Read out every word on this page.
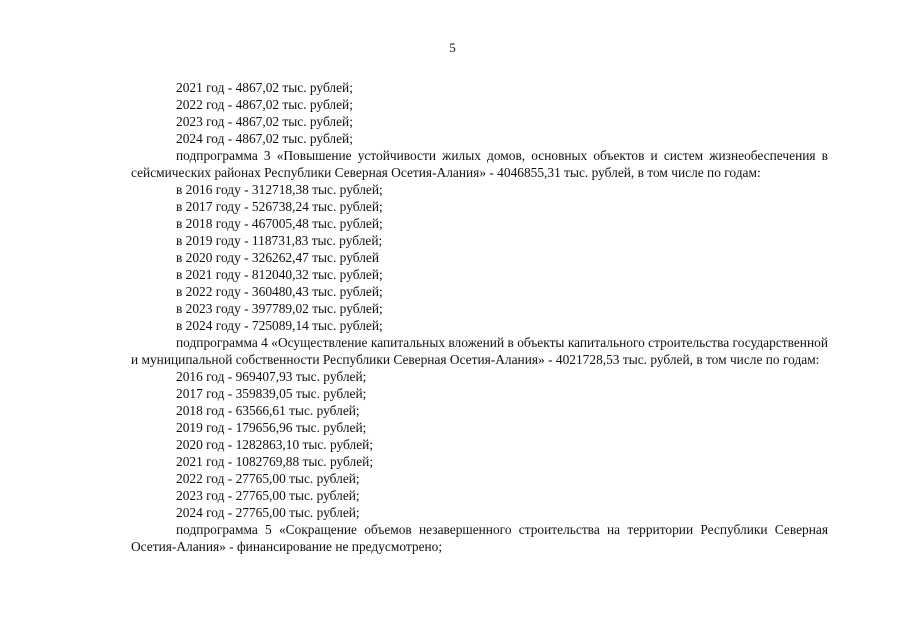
5
2021 год - 4867,02 тыс. рублей;
2022 год - 4867,02 тыс. рублей;
2023 год - 4867,02 тыс. рублей;
2024 год - 4867,02 тыс. рублей;

подпрограмма 3 «Повышение устойчивости жилых домов, основных объектов и систем жизнеобеспечения в сейсмических районах Республики Северная Осетия-Алания» - 4046855,31 тыс. рублей, в том числе по годам:

в 2016 году - 312718,38 тыс. рублей;
в 2017 году - 526738,24 тыс. рублей;
в 2018 году - 467005,48 тыс. рублей;
в 2019 году - 118731,83 тыс. рублей;
в 2020 году - 326262,47 тыс. рублей
в 2021 году - 812040,32 тыс. рублей;
в 2022 году - 360480,43 тыс. рублей;
в 2023 году - 397789,02 тыс. рублей;
в 2024 году - 725089,14 тыс. рублей;

подпрограмма 4 «Осуществление капитальных вложений в объекты капитального строительства государственной и муниципальной собственности Республики Северная Осетия-Алания» - 4021728,53 тыс. рублей, в том числе по годам:

2016 год - 969407,93 тыс. рублей;
2017 год - 359839,05 тыс. рублей;
2018 год - 63566,61 тыс. рублей;
2019 год - 179656,96 тыс. рублей;
2020 год - 1282863,10 тыс. рублей;
2021 год - 1082769,88 тыс. рублей;
2022 год - 27765,00 тыс. рублей;
2023 год - 27765,00 тыс. рублей;
2024 год - 27765,00 тыс. рублей;

подпрограмма 5 «Сокращение объемов незавершенного строительства на территории Республики Северная Осетия-Алания» - финансирование не предусмотрено;
